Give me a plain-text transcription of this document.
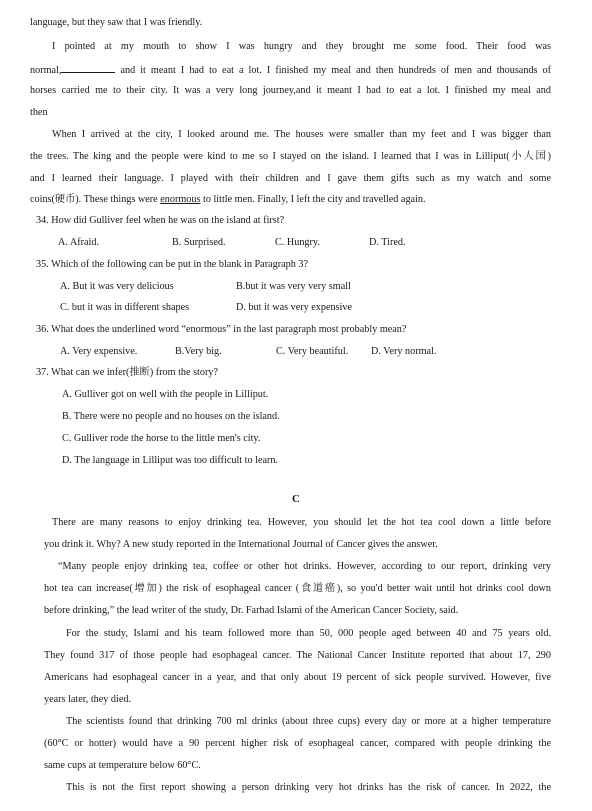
language, but they saw that I was friendly.
I pointed at my mouth to show I was hungry and they brought me some food. Their food was
normal,	and it meant I had to eat a lot. I finished my meal and then hundreds of men and thousands of
horses carried me to their city. It was a very long journey,and it meant I had to eat a lot. I finished my meal and
then
When I arrived at the city, I looked around me. The houses were smaller than my feet and I was bigger than
the trees. The king and the people were kind to me so I stayed on the island. I learned that I was in Lilliput(小人国)
and I learned their language. I played with their children and I gave them gifts such as my watch and some
coins(硬币). These things were enormous to little men. Finally, I left the city and travelled again.
34. How did Gulliver feel when he was on the island at first?
A. Afraid.	B. Surprised.	C. Hungry.	D. Tired.
35. Which of the following can be put in the blank in Paragraph 3?
A. But it was very delicious	B.but it was very very small
C. but it was in different shapes	D. but it was very expensive
36. What does the underlined word “enormous” in the last paragraph most probably mean?
A. Very expensive.	B.Very big.	C. Very beautiful. D. Very normal.
37. What can we infer(推断) from the story?
A. Gulliver got on well with the people in Lilliput.
B. There were no people and no houses on the island.
C. Gulliver rode the horse to the little men's city.
D. The language in Lilliput was too difficult to learn.
C
There are many reasons to enjoy drinking tea. However, you should let the hot tea cool down a little before
you drink it. Why? A new study reported in the International Journal of Cancer gives the answer.
“Many people enjoy drinking tea, coffee or other hot drinks. However, according to our report, drinking very
hot tea can increase(增加) the risk of esophageal cancer (食道癌), so you'd better wait until hot drinks cool down
before drinking,” the lead writer of the study, Dr. Farhad Islami of the American Cancer Society, said.
For the study, Islami and his team followed more than 50, 000 people aged between 40 and 75 years old.
They found 317 of those people had esophageal cancer. The National Cancer Institute reported that about 17, 290
Americans had esophageal cancer in a year, and that only about 19 percent of sick people survived. However, five
years later, they died.
The scientists found that drinking 700 ml drinks (about three cups) every day or more at a higher temperature
(60°C or hotter) would have a 90 percent higher risk of esophageal cancer, compared with people drinking the
same cups at temperature below 60°C.
This is not the first report showing a person drinking very hot drinks has the risk of cancer. In 2022, the
